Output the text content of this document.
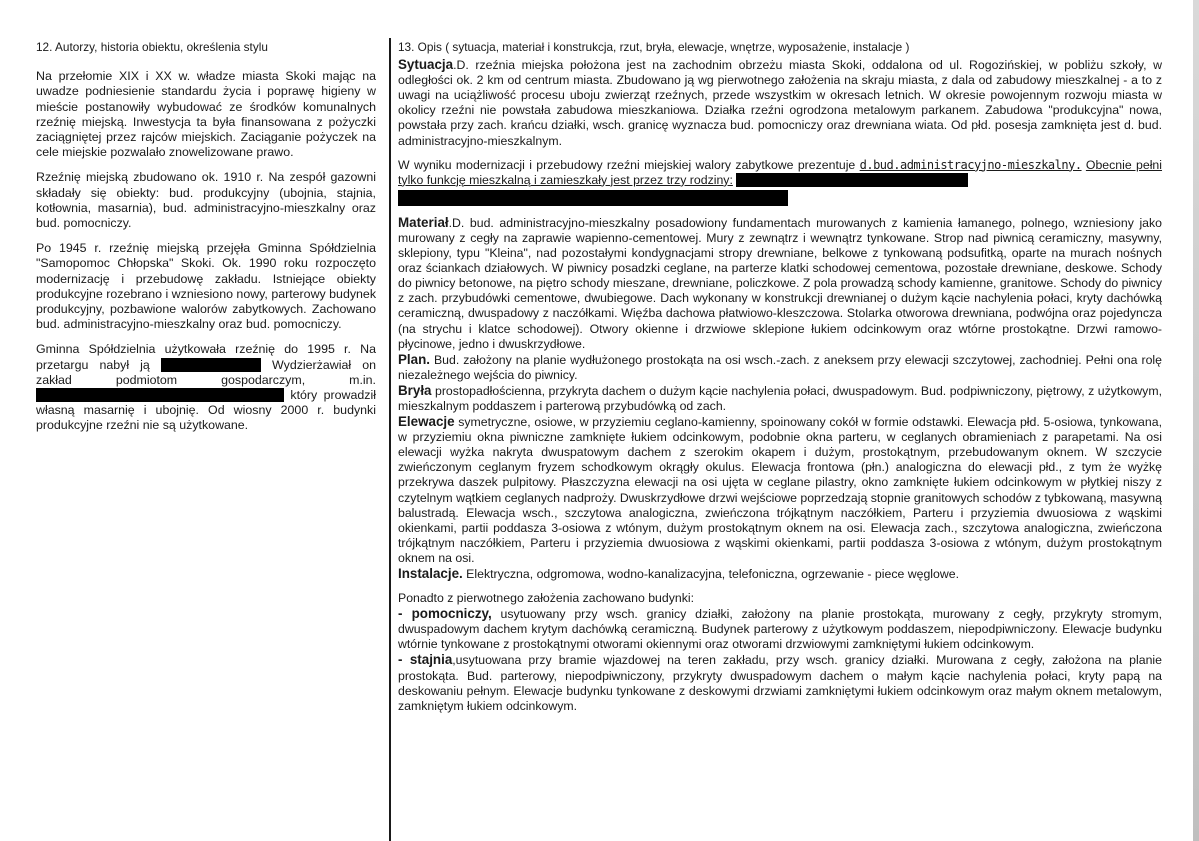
12. Autorzy, historia obiektu, określenia stylu

Na przełomie XIX i XX w. władze miasta Skoki mając na uwadze podniesienie standardu życia i poprawę higieny w mieście postanowiły wybudować ze środków komunalnych rzeźnię miejską. Inwestycja ta była finansowana z pożyczki zaciągniętej przez rajców miejskich. Zaciąganie pożyczek na cele miejskie pozwalało znowelizowane prawo.

Rzeźnię miejską zbudowano ok. 1910 r. Na zespół gazowni składały się obiekty: bud. produkcyjny (ubojnia, stajnia, kotłownia, masarnia), bud. administracyjno-mieszkalny oraz bud. pomocniczy.

Po 1945 r. rzeźnię miejską przejęła Gminna Spółdzielnia "Samopomoc Chłopska" Skoki. Ok. 1990 roku rozpoczęto modernizację i przebudowę zakładu. Istniejące obiekty produkcyjne rozebrano i wzniesiono nowy, parterowy budynek produkcyjny, pozbawione walorów zabytkowych. Zachowano bud. administracyjno-mieszkalny oraz bud. pomocniczy.

Gminna Spółdzielnia użytkowała rzeźnię do 1995 r. Na przetargu nabył ją	Wydzierżawiał on zakład podmiotom gospodarczym, m.in.  który prowadził własną masarnię i ubojnię. Od wiosny 2000 r. budynki produkcyjne rzeźni nie są użytkowane.

13. Opis ( sytuacja, materiał i konstrukcja, rzut, bryła, elewacje, wnętrze, wyposażenie, instalacje )

Sytuacja.D. rzeźnia miejska położona jest na zachodnim obrzeżu miasta Skoki, oddalona od ul. Rogozińskiej, w pobliżu szkoły, w odległości ok. 2 km od centrum miasta. Zbudowano ją wg pierwotnego założenia na skraju miasta, z dala od zabudowy mieszkalnej - a to z uwagi na uciążliwość procesu uboju zwierząt rzeźnych, przede wszystkim w okresach letnich. W okresie powojennym rozwoju miasta w okolicy rzeźni nie powstała zabudowa mieszkaniowa. Działka rzeźni ogrodzona metalowym parkanem. Zabudowa "produkcyjna" nowa, powstała przy zach. krańcu działki, wsch. granicę wyznacza bud. pomocniczy oraz drewniana wiata. Od płd. posesja zamknięta jest d. bud. administracyjno-mieszkalnym.

W wyniku modernizacji i przebudowy rzeźni miejskiej walory zabytkowe prezentuje d.bud.administracyjno-mieszkalny. Obecnie pełni tylko funkcję mieszkalną i zamieszkały jest przez trzy rodziny:

Materiał.D. bud. administracyjno-mieszkalny posadowiony fundamentach murowanych z kamienia łamanego, polnego, wzniesiony jako murowany z cegły na zaprawie wapienno-cementowej. Mury z zewnątrz i wewnątrz tynkowane. Strop nad piwnicą ceramiczny, masywny, sklepiony, typu "Kleina", nad pozostałymi kondygnacjami stropy drewniane, belkowe z tynkowaną podsufitką, oparte na murach nośnych oraz ściankach działowych. W piwnicy posadzki ceglane, na parterze klatki schodowej cementowa, pozostałe drewniane, deskowe. Schody do piwnicy betonowe, na piętro schody mieszane, drewniane, policzkowe. Z pola prowadzą schody kamienne, granitowe. Schody do piwnicy z zach. przybudówki cementowe, dwubiegowe. Dach wykonany w konstrukcji drewnianej o dużym kącie nachylenia połaci, kryty dachówką ceramiczną, dwuspadowy z naczółkami. Więźba dachowa płatwiowo-kleszczowa. Stolarka otworowa drewniana, podwójna oraz pojedyncza (na strychu i klatce schodowej). Otwory okienne i drzwiowe sklepione łukiem odcinkowym oraz wtórne prostokątne. Drzwi ramowo-płycinowe, jedno i dwuskrzydłowe.

Plan. Bud. założony na planie wydłużonego prostokąta na osi wsch.-zach. z aneksem przy elewacji szczytowej, zachodniej. Pełni ona rolę niezależnego wejścia do piwnicy.

Bryła prostopadłościenna, przykryta dachem o dużym kącie nachylenia połaci, dwuspadowym. Bud. podpiwniczony, piętrowy, z użytkowym, mieszkalnym poddaszem i parterową przybudówką od zach.

Elewacje symetryczne, osiowe, w przyziemiu ceglano-kamienny, spoinowany cokół w formie odstawki. Elewacja płd. 5-osiowa, tynkowana, w przyziemiu okna piwniczne zamknięte łukiem odcinkowym, podobnie okna parteru, w ceglanych obramieniach z parapetami. Na osi elewacji wyżka nakryta dwuspatowym dachem z szerokim okapem i dużym, prostokątnym, przebudowanym oknem. W szczycie zwieńczonym ceglanym fryzem schodkowym okrągły okulus. Elewacja frontowa (płn.) analogiczna do elewacji płd., z tym że wyżkę przekrywa daszek pulpitowy. Płaszczyzna elewacji na osi ujęta w ceglane pilastry, okno zamknięte łukiem odcinkowym w płytkiej niszy z czytelnym wątkiem ceglanych nadproży. Dwuskrzydłowe drzwi wejściowe poprzedzają stopnie granitowych schodów z tybkowaną, masywną balustradą. Elewacja wsch., szczytowa analogiczna, zwieńczona trójkątnym naczółkiem, Parteru i przyziemia dwuosiowa z wąskimi okienkami, partii poddasza 3-osiowa z wtónym, dużym prostokątnym oknem na osi. Elewacja zach., szczytowa analogiczna, zwieńczona trójkątnym naczółkiem, Parteru i przyziemia dwuosiowa z wąskimi okienkami, partii poddasza 3-osiowa z wtónym, dużym prostokątnym oknem na osi.

Instalacje. Elektryczna, odgromowa, wodno-kanalizacyjna, telefoniczna, ogrzewanie - piece węglowe.

Ponadto z pierwotnego założenia zachowano budynki:

- pomocniczy, usytuowany przy wsch. granicy działki, założony na planie prostokąta, murowany z cegły, przykryty stromym, dwuspadowym dachem krytym dachówką ceramiczną. Budynek parterowy z użytkowym poddaszem, niepodpiwniczony. Elewacje budynku wtórnie tynkowane z prostokątnymi otworami okiennymi oraz otworami drzwiowymi zamkniętymi łukiem odcinkowym.

- stajnia,usytuowana przy bramie wjazdowej na teren zakładu, przy wsch. granicy działki. Murowana z cegły, założona na planie prostokąta. Bud. parterowy, niepodpiwniczony, przykryty dwuspadowym dachem o małym kącie nachylenia połaci, kryty papą na deskowaniu pełnym. Elewacje budynku tynkowane z deskowymi drzwiami zamkniętymi łukiem odcinkowym oraz małym oknem metalowym, zamkniętym łukiem odcinkowym.
